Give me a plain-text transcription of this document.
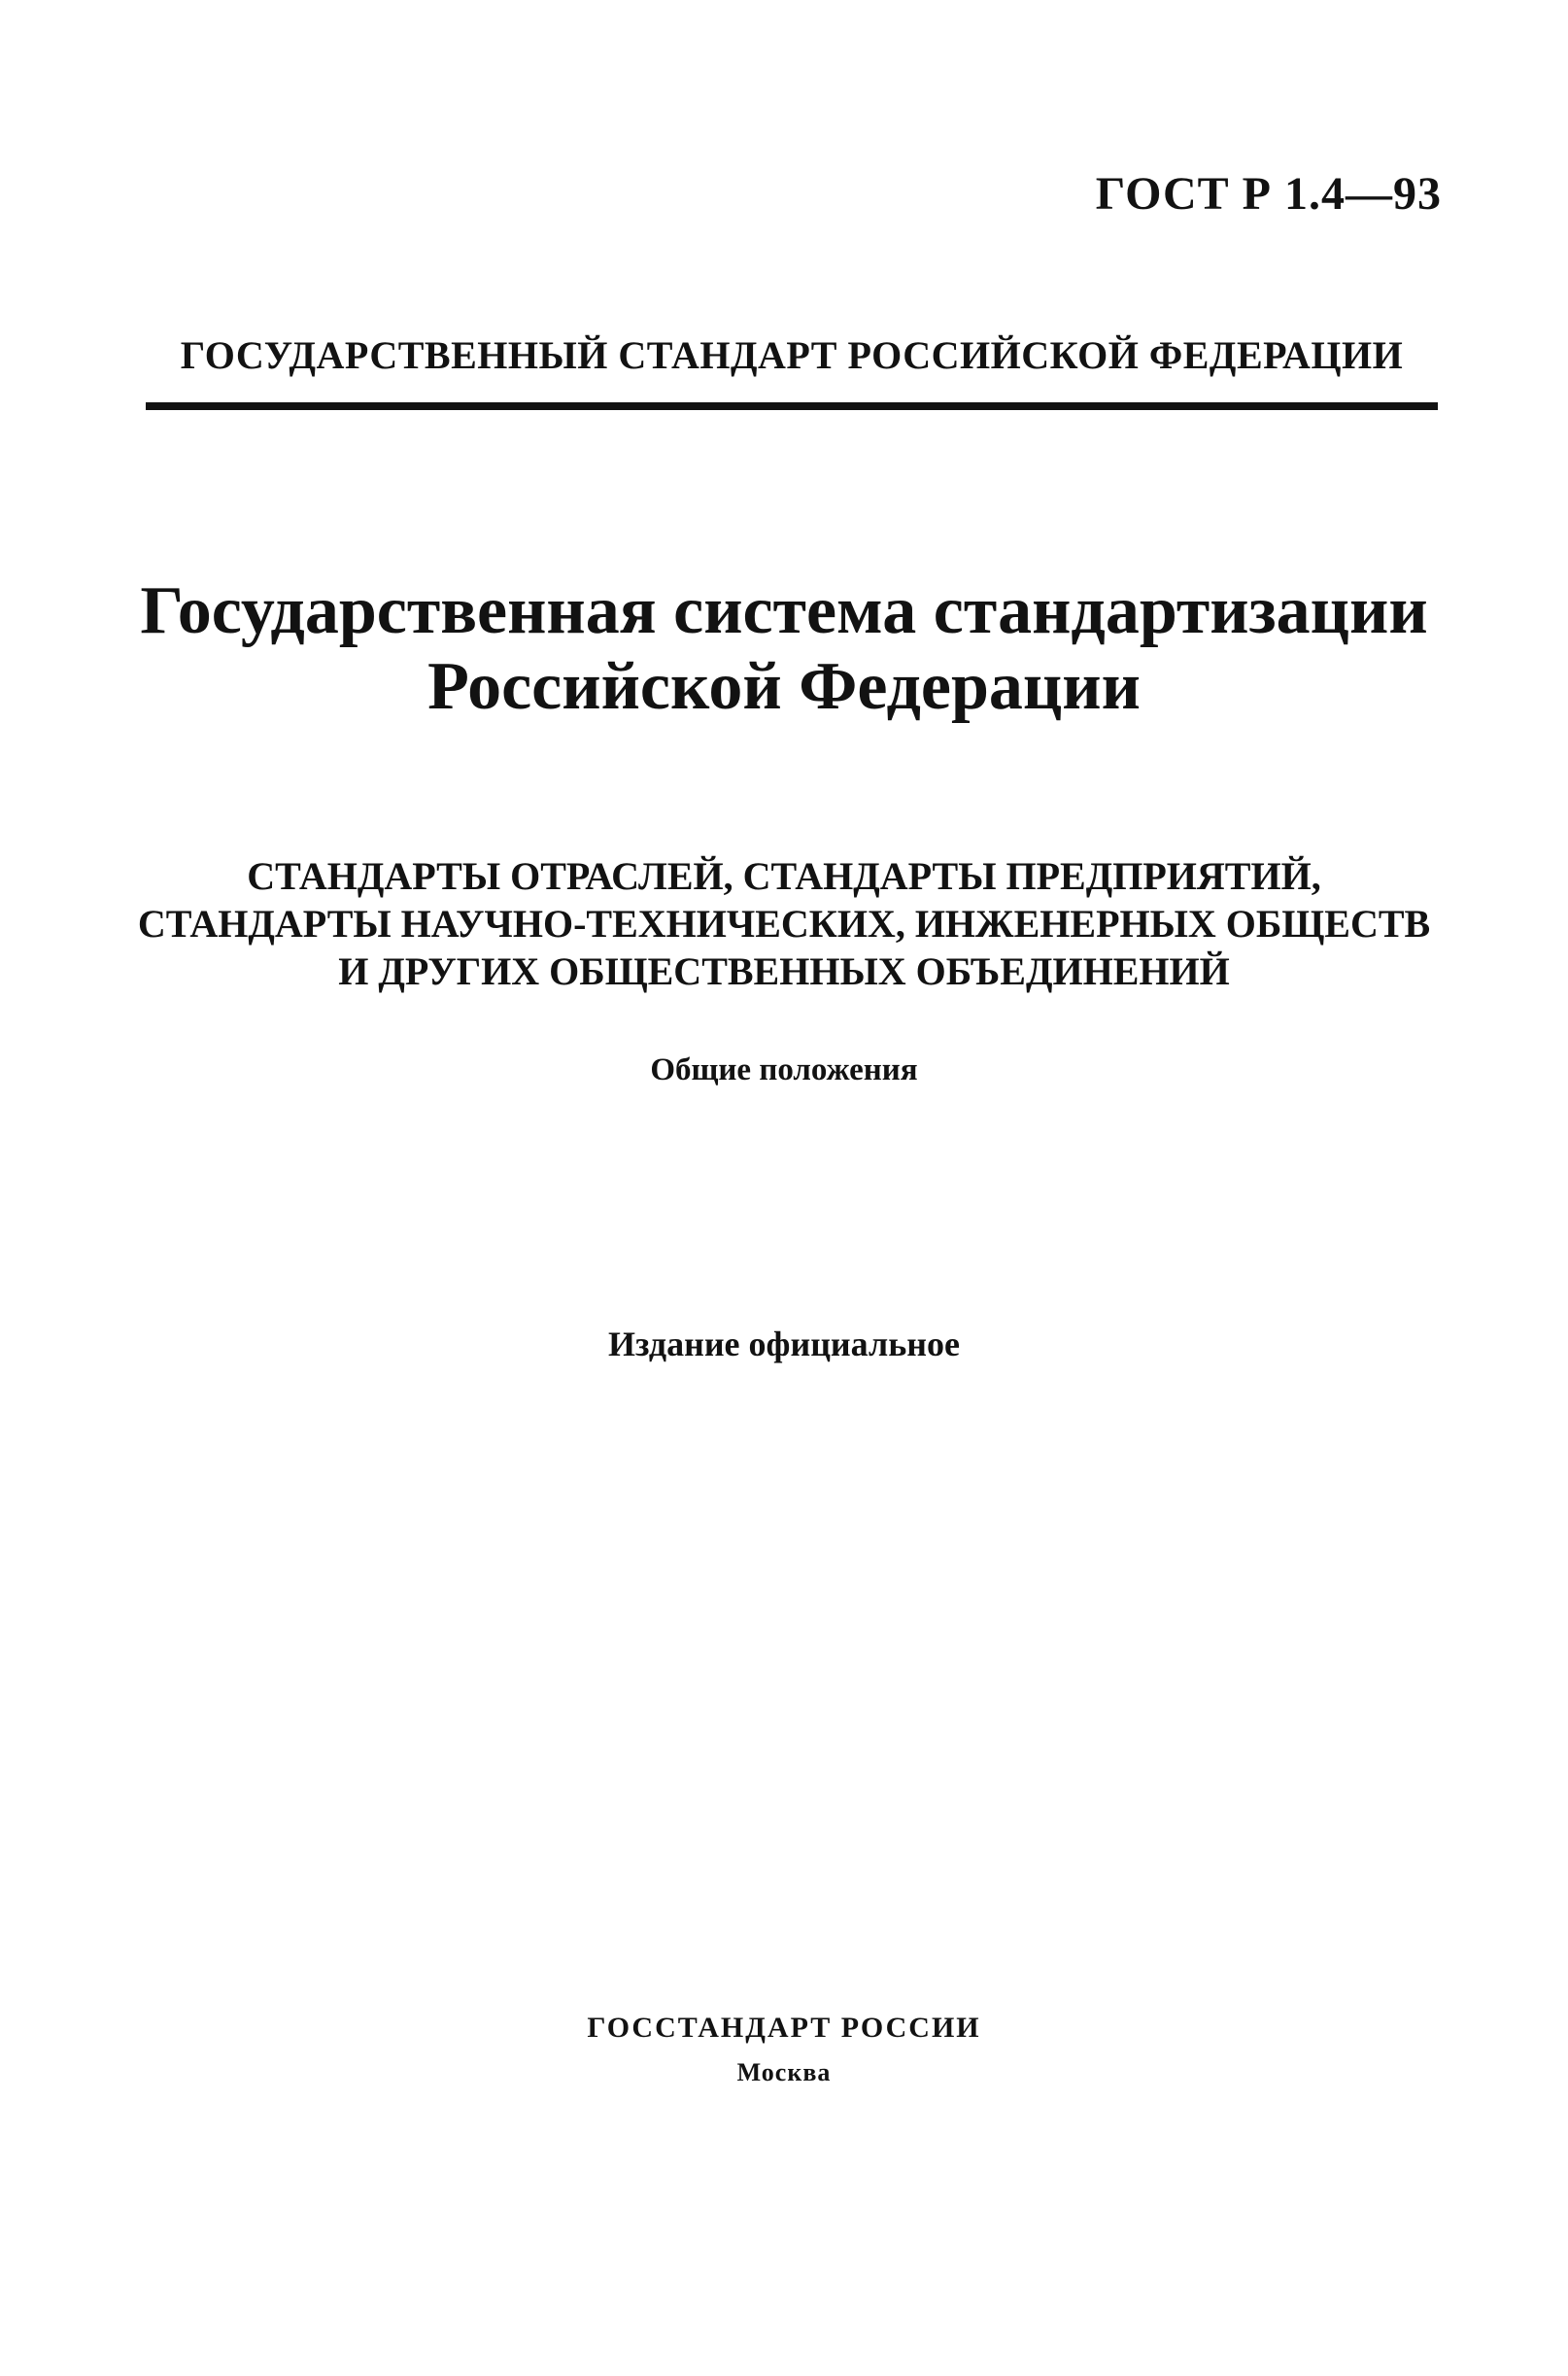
ГОСТ Р 1.4—93
ГОСУДАРСТВЕННЫЙ СТАНДАРТ РОССИЙСКОЙ ФЕДЕРАЦИИ
Государственная система стандартизации
Российской Федерации
СТАНДАРТЫ ОТРАСЛЕЙ, СТАНДАРТЫ ПРЕДПРИЯТИЙ,
СТАНДАРТЫ НАУЧНО-ТЕХНИЧЕСКИХ, ИНЖЕНЕРНЫХ ОБЩЕСТВ
И ДРУГИХ ОБЩЕСТВЕННЫХ ОБЪЕДИНЕНИЙ
Общие положения
Издание официальное
ГОССТАНДАРТ РОССИИ
Москва
